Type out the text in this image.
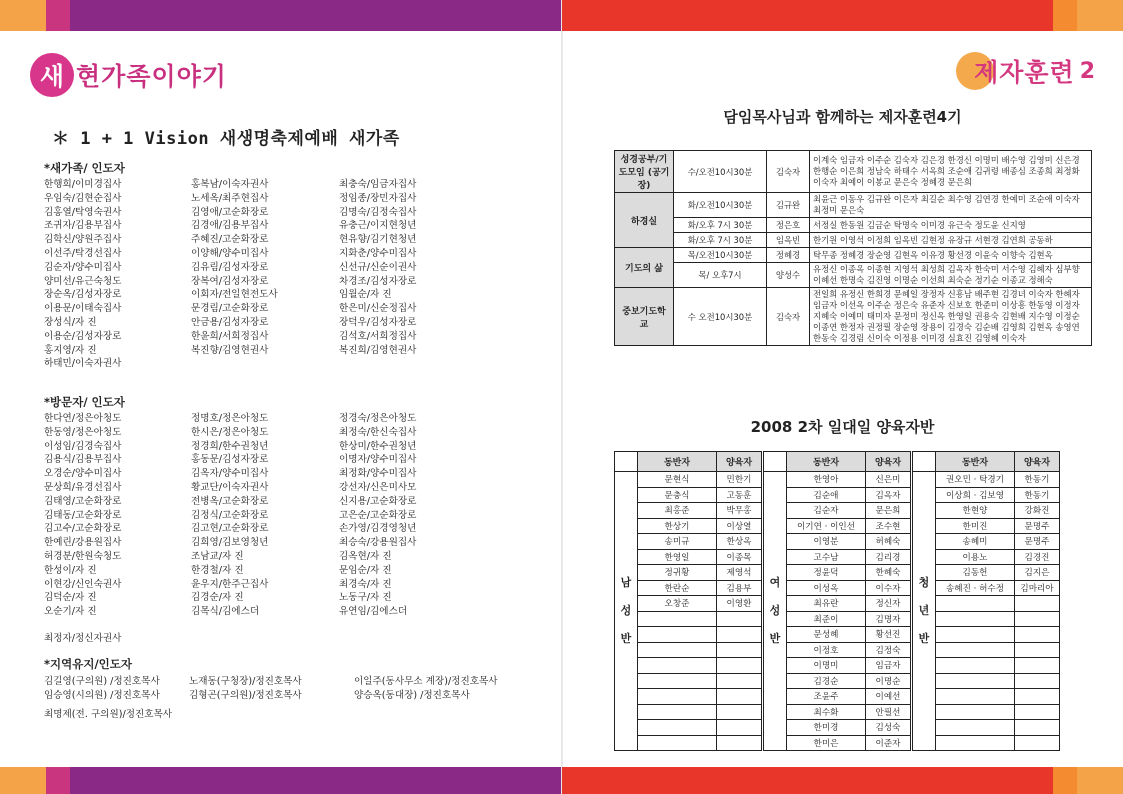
새 현가족이야기
＊ 1 + 1 Vision 새생명축제예배 새가족
*새가족/ 인도자
한행희/이미경집사	홍복남/이숙자권사	최충숙/임금자집사
우임숙/김현순집사	노세옥/최주현집사	정임종/장민자집사
김홍열/탁영숙권사	김영애/고순화장로	김명숙/김정숙집사
조귀자/김용부집사	김경애/김용부집사	유충근/이지현청년
김학신/양원주집사	주혜진/고순화장로	현유향/김기현청년
이선주/탁경선집사	이양해/양수미집사	지화춘/양수미집사
김순자/양수미집사	김유림/김성자장로	신선규/신순이권사
양미선/유근숙청도	장복여/김성자장로	차경조/김성자장로
장순옥/김성자장로	이회자/전일현전도사	임월순/자 진
이용문/이태숙집사	문경림/고순화장로	한은미/신순정집사
장성식/자 진	안금용/김성자장로	장덕우/김성자장로
이용순/김성자장로	한윤희/서희정집사	김석호/서희정집사
홍지영/자 진	복진향/김영현권사	복진희/김영현권사
하태민/이숙자권사
*방문자/ 인도자
한다연/정은아청도	정명호/정은아청도	정경숙/정은아청도
한동영/정은아청도	한시은/정은아청도	최정숙/한신숙집사
이성임/김경숙집사	정경희/한수권청년	한상미/한수권청년
김용식/김용부집사	홍동문/김성자장로	이명자/양수미집사
오경순/양수미집사	김옥자/양수미집사	최정화/양수미집사
문상희/유경선집사	황교단/이숙자권사	강선자/신은미사모
김태영/고순화장로	전병옥/고순화장로	신지용/고순화장로
김태동/고순화장로	김정식/고순화장로	고은순/고순화장로
김고수/고순화장로	김고현/고순화장로	손가영/김경영청년
한예린/강용원집사	김희영/김보영청년	최승숙/강용원집사
허경분/한원숙청도	조남교/자 진	김옥현/자 진
한성이/자 진	한경철/자 진	문임순/자 진
이현강/신인숙권사	윤우지/한주근집사	최경숙/자 진
김덕순/자 진	김경순/자 진	노동구/자 진
오순기/자 진	김목식/김에스더	유연임/김에스더
최정자/정신자권사
*지역유지/인도자
김길영(구의원) /정진호목사	노재동(구청장)/정진호목사	이일주(동사무소 계장)/정진호목사
임승영(시의원) /정진호목사	김형곤(구의원)/정진호목사	양승옥(동대장) /정진호목사
최명제(전. 구의원)/정진호목사
제자훈련 2
담임목사님과 함께하는 제자훈련4기
성경공부/기도모임 (공기장)	수/오전10시30분	김숙자	이계숙 임금자 이주순 김숙자 김은경 한경신 이명미 배수영 김영미 신은경 한행순 이은희 정남숙 하태수 서옥희 조순애 김귀령 배종심 조종희 최정화 이숙자 최예이 이봉교 문은숙 정혜경 문은희
하경실	화/오전10시30분	김규완	최윤근 이동우 김규완 이은자 최길순 최수영 김연경 한예미 조순애 이숙자 최정미 문은숙
	화/오후 7시 30분	정은호	서정실 한동원 김금순 탁명숙 이미경 유근숙 정도윤 신지영
	화/오후 7시 30분	임옥빈	한기원 이영석 이정희 임옥빈 김현정 유장규 서현경 김연희 공동하
기도의 삶	목/오전10시30분	정혜경	탁무종 정혜경 장순영 김현옥 이유경 황선경 이윤숙 이향숙 김현옥
	목/ 오후7시	양성수	유정신 이종옥 이종현 지영석 최성희 김옥자 한숙미 서수영 김혜자 심부향 이혜선 한명숙 김진영 이명순 이선희 최숙순 정기순 이종교 정해숙
중보기도학교	수 오전10시30분	김숙자	전일희 유정신 한희경 문혜일 장정자 신흥남 배주현 김경녀 이숙자 한혜자 임금자 이선옥 이주순 정은숙 유준자 신보호 한준미 이상흥 한동영 이정자 지혜숙 이예미 태미자 문정미 정신옥 한영일 권용숙 김현배 지수영 이정순 이종연 한정자 권정필 장순영 장용이 김경숙 김순배 김영희 김현옥 송영연 한동숙 김경림 신이숙 이정용 이미경 심효진 김영혜 이숙자
2008 2차 일대일 양육자반
	동반자	양육자

남
성
반	문현식	민한기
	문충식	고동훈
	최홍준	박무홍
	한상기	이상열
	송미규	한상옥
	한영일	이종목
	정귀황	제영석
	한란순	김용부
	오창준	이영환

	동반자	양육자

여
성
반	한영아	신은미
	김순애	김옥자
	김순자	문은희
	이기연 · 이인선	조수현
	이영분	허혜숙
	고수남	김리경
	정윤덕	한혜숙
	이성옥	이수자
	최유란	정신자
	최준이	김명자
	문성혜	황선진
	이정호	김정숙
	이명미	임금자
	김경순	이명순
	조윤주	이예선
	최수화	안필선
	한미경	김성숙
	한미은	이준자
	동반자	양육자

청
년
반	권오민 · 탁경기	한동기
	이상희 · 김보영	한동기
	한현양	강화진
	한미진	문명주
	송혜미	문명주
	이용노	김경진
	김동헌	김지은
	송혜진 · 허수정	김마리아
